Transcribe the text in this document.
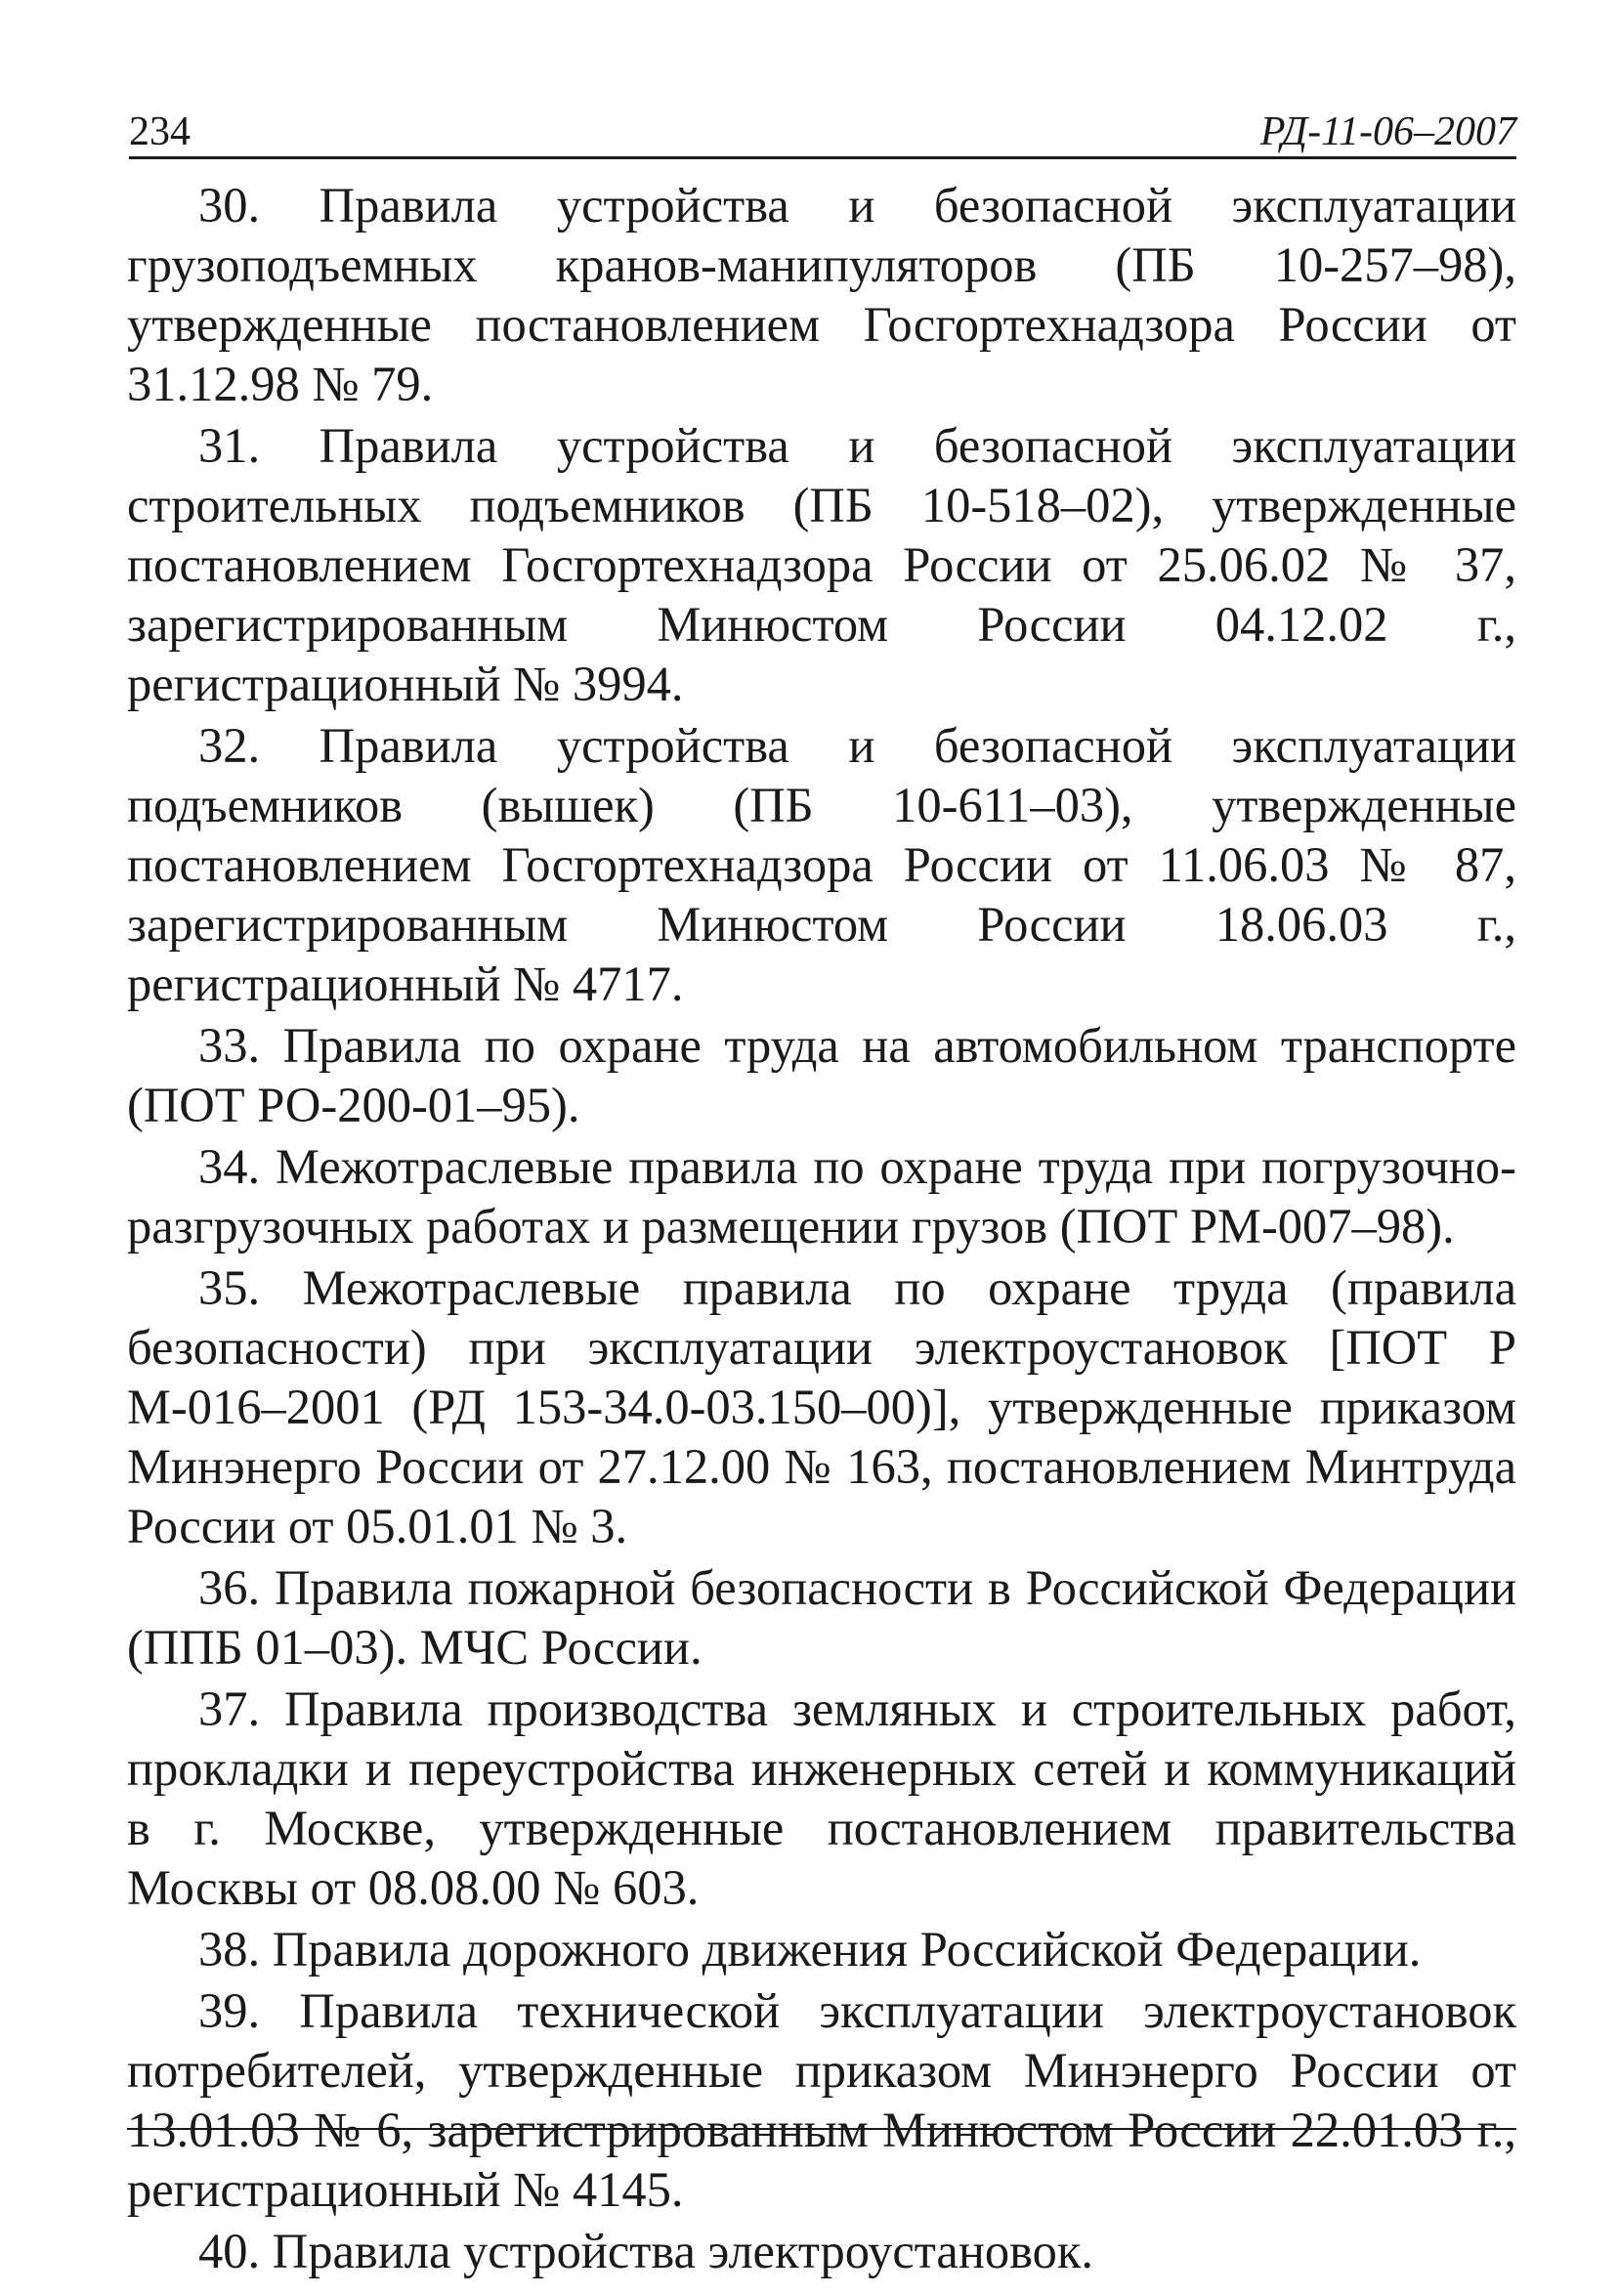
234	РД-11-06–2007

30. Правила устройства и безопасной эксплуатации грузоподъемных кранов-манипуляторов (ПБ 10-257–98), утвержденные постановлением Госгортехнадзора России от 31.12.98 № 79.

31. Правила устройства и безопасной эксплуатации строительных подъемников (ПБ 10-518–02), утвержденные постановлением Госгортехнадзора России от 25.06.02 № 37, зарегистрированным Минюстом России 04.12.02 г., регистрационный № 3994.

32. Правила устройства и безопасной эксплуатации подъемников (вышек) (ПБ 10-611–03), утвержденные постановлением Госгортехнадзора России от 11.06.03 № 87, зарегистрированным Минюстом России 18.06.03 г., регистрационный № 4717.

33. Правила по охране труда на автомобильном транспорте (ПОТ РО-200-01–95).

34. Межотраслевые правила по охране труда при погрузочно-разгрузочных работах и размещении грузов (ПОТ РМ-007–98).

35. Межотраслевые правила по охране труда (правила безопасности) при эксплуатации электроустановок [ПОТ Р М-016–2001 (РД 153-34.0-03.150–00)], утвержденные приказом Минэнерго России от 27.12.00 № 163, постановлением Минтруда России от 05.01.01 № 3.

36. Правила пожарной безопасности в Российской Федерации (ППБ 01–03). МЧС России.

37. Правила производства земляных и строительных работ, прокладки и переустройства инженерных сетей и коммуникаций в г. Москве, утвержденные постановлением правительства Москвы от 08.08.00 № 603.

38. Правила дорожного движения Российской Федерации.

39. Правила технической эксплуатации электроустановок потребителей, утвержденные приказом Минэнерго России от 13.01.03 № 6, зарегистрированным Минюстом России 22.01.03 г., регистрационный № 4145.

40. Правила устройства электроустановок.
